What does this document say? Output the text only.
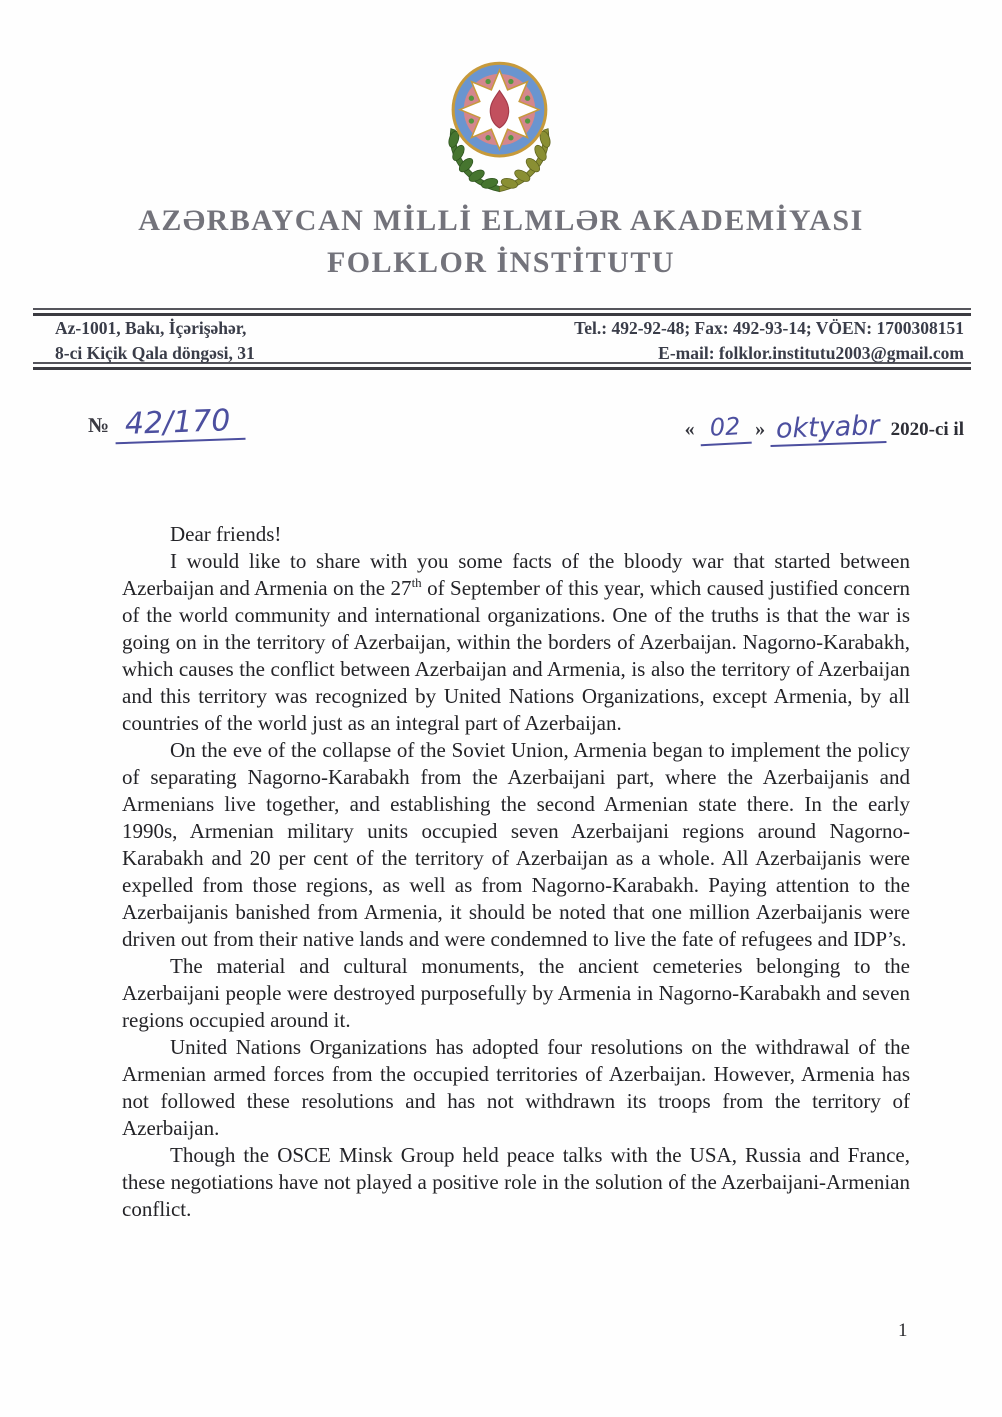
AZƏRBAYCAN MİLLİ ELMLƏR AKADEMİYASI
FOLKLOR İNSTİTUTU
Az-1001, Bakı, İçərişəhər,
8-ci Kiçik Qala döngəsi, 31
Tel.: 492-92-48; Fax: 492-93-14; VÖEN: 1700308151
E-mail: folklor.institutu2003@gmail.com
№ 42/170	« 02 » oktyabr 2020-ci il

Dear friends!

I would like to share with you some facts of the bloody war that started between Azerbaijan and Armenia on the 27th of September of this year, which caused justified concern of the world community and international organizations. One of the truths is that the war is going on in the territory of Azerbaijan, within the borders of Azerbaijan. Nagorno-Karabakh, which causes the conflict between Azerbaijan and Armenia, is also the territory of Azerbaijan and this territory was recognized by United Nations Organizations, except Armenia, by all countries of the world just as an integral part of Azerbaijan.

On the eve of the collapse of the Soviet Union, Armenia began to implement the policy of separating Nagorno-Karabakh from the Azerbaijani part, where the Azerbaijanis and Armenians live together, and establishing the second Armenian state there. In the early 1990s, Armenian military units occupied seven Azerbaijani regions around Nagorno-Karabakh and 20 per cent of the territory of Azerbaijan as a whole. All Azerbaijanis were expelled from those regions, as well as from Nagorno-Karabakh. Paying attention to the Azerbaijanis banished from Armenia, it should be noted that one million Azerbaijanis were driven out from their native lands and were condemned to live the fate of refugees and IDP’s.

The material and cultural monuments, the ancient cemeteries belonging to the Azerbaijani people were destroyed purposefully by Armenia in Nagorno-Karabakh and seven regions occupied around it.

United Nations Organizations has adopted four resolutions on the withdrawal of the Armenian armed forces from the occupied territories of Azerbaijan. However, Armenia has not followed these resolutions and has not withdrawn its troops from the territory of Azerbaijan.

Though the OSCE Minsk Group held peace talks with the USA, Russia and France, these negotiations have not played a positive role in the solution of the Azerbaijani-Armenian conflict.

1
